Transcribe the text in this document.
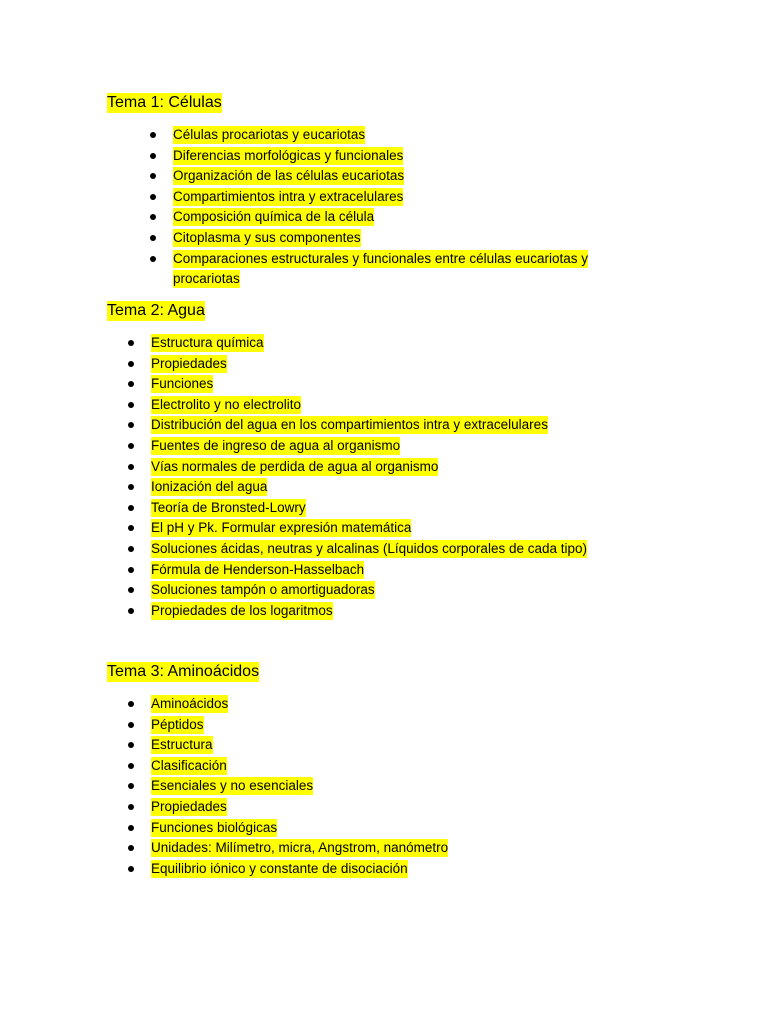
Tema 1: Células
Células procariotas y eucariotas
Diferencias morfológicas y funcionales
Organización de las células eucariotas
Compartimientos intra y extracelulares
Composición química de la célula
Citoplasma y sus componentes
Comparaciones estructurales y funcionales entre células eucariotas y procariotas
Tema 2: Agua
Estructura química
Propiedades
Funciones
Electrolito y no electrolito
Distribución del agua en los compartimientos intra y extracelulares
Fuentes de ingreso de agua al organismo
Vías normales de perdida de agua al organismo
Ionización del agua
Teoría de Bronsted-Lowry
El pH y Pk. Formular expresión matemática
Soluciones ácidas, neutras y alcalinas (Líquidos corporales de cada tipo)
Fórmula de Henderson-Hasselbach
Soluciones tampón o amortiguadoras
Propiedades de los logaritmos
Tema 3: Aminoácidos
Aminoácidos
Péptidos
Estructura
Clasificación
Esenciales y no esenciales
Propiedades
Funciones biológicas
Unidades: Milímetro, micra, Angstrom, nanómetro
Equilibrio iónico y constante de disociación
